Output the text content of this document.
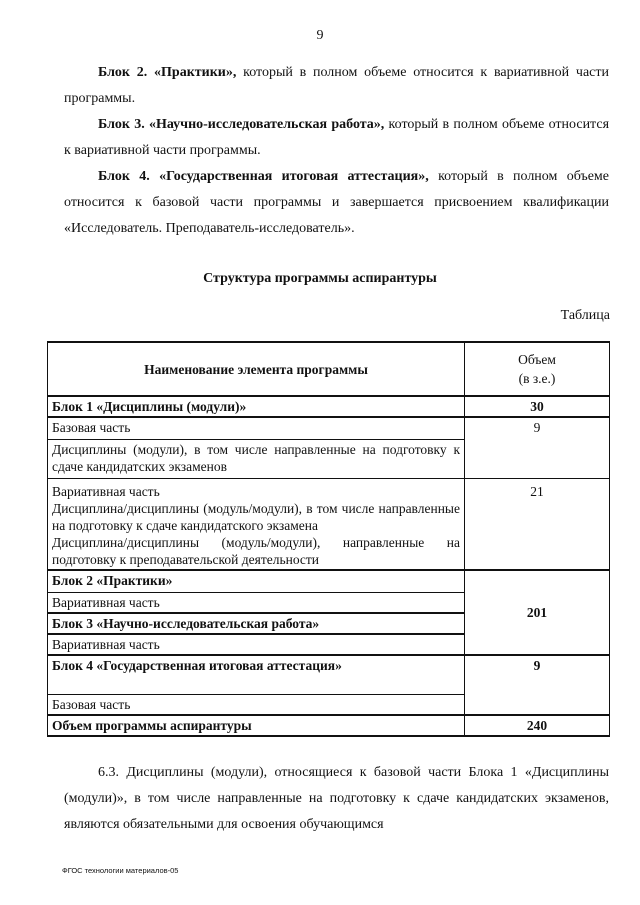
9
Блок 2. «Практики», который в полном объеме относится к вариативной части программы.
Блок 3. «Научно-исследовательская работа», который в полном объеме относится к вариативной части программы.
Блок 4. «Государственная итоговая аттестация», который в полном объеме относится к базовой части программы и завершается присвоением квалификации «Исследователь. Преподаватель-исследователь».
Структура программы аспирантуры
Таблица
Наименование элемента программы	Объем
(в з.е.)

Блок 1 «Дисциплины (модули)»	30
Базовая часть	9
Дисциплины (модули), в том числе направленные на подготовку к сдаче кандидатских экзаменов	

Вариативная часть
Дисциплина/дисциплины (модуль/модули), в том числе направленные на подготовку к сдаче кандидатского экзамена
Дисциплина/дисциплины (модуль/модули), направленные на подготовку к преподавательской деятельности	21
Блок 2 «Практики»	201
Вариативная часть	
Блок 3 «Научно-исследовательская работа»	
Вариативная часть	
Блок 4 «Государственная итоговая аттестация»	9
Базовая часть	
Объем программы аспирантуры	240
6.3. Дисциплины (модули), относящиеся к базовой части Блока 1 «Дисциплины (модули)», в том числе направленные на подготовку к сдаче кандидатских экзаменов, являются обязательными для освоения обучающимся
ФГОС технологии материалов-05
